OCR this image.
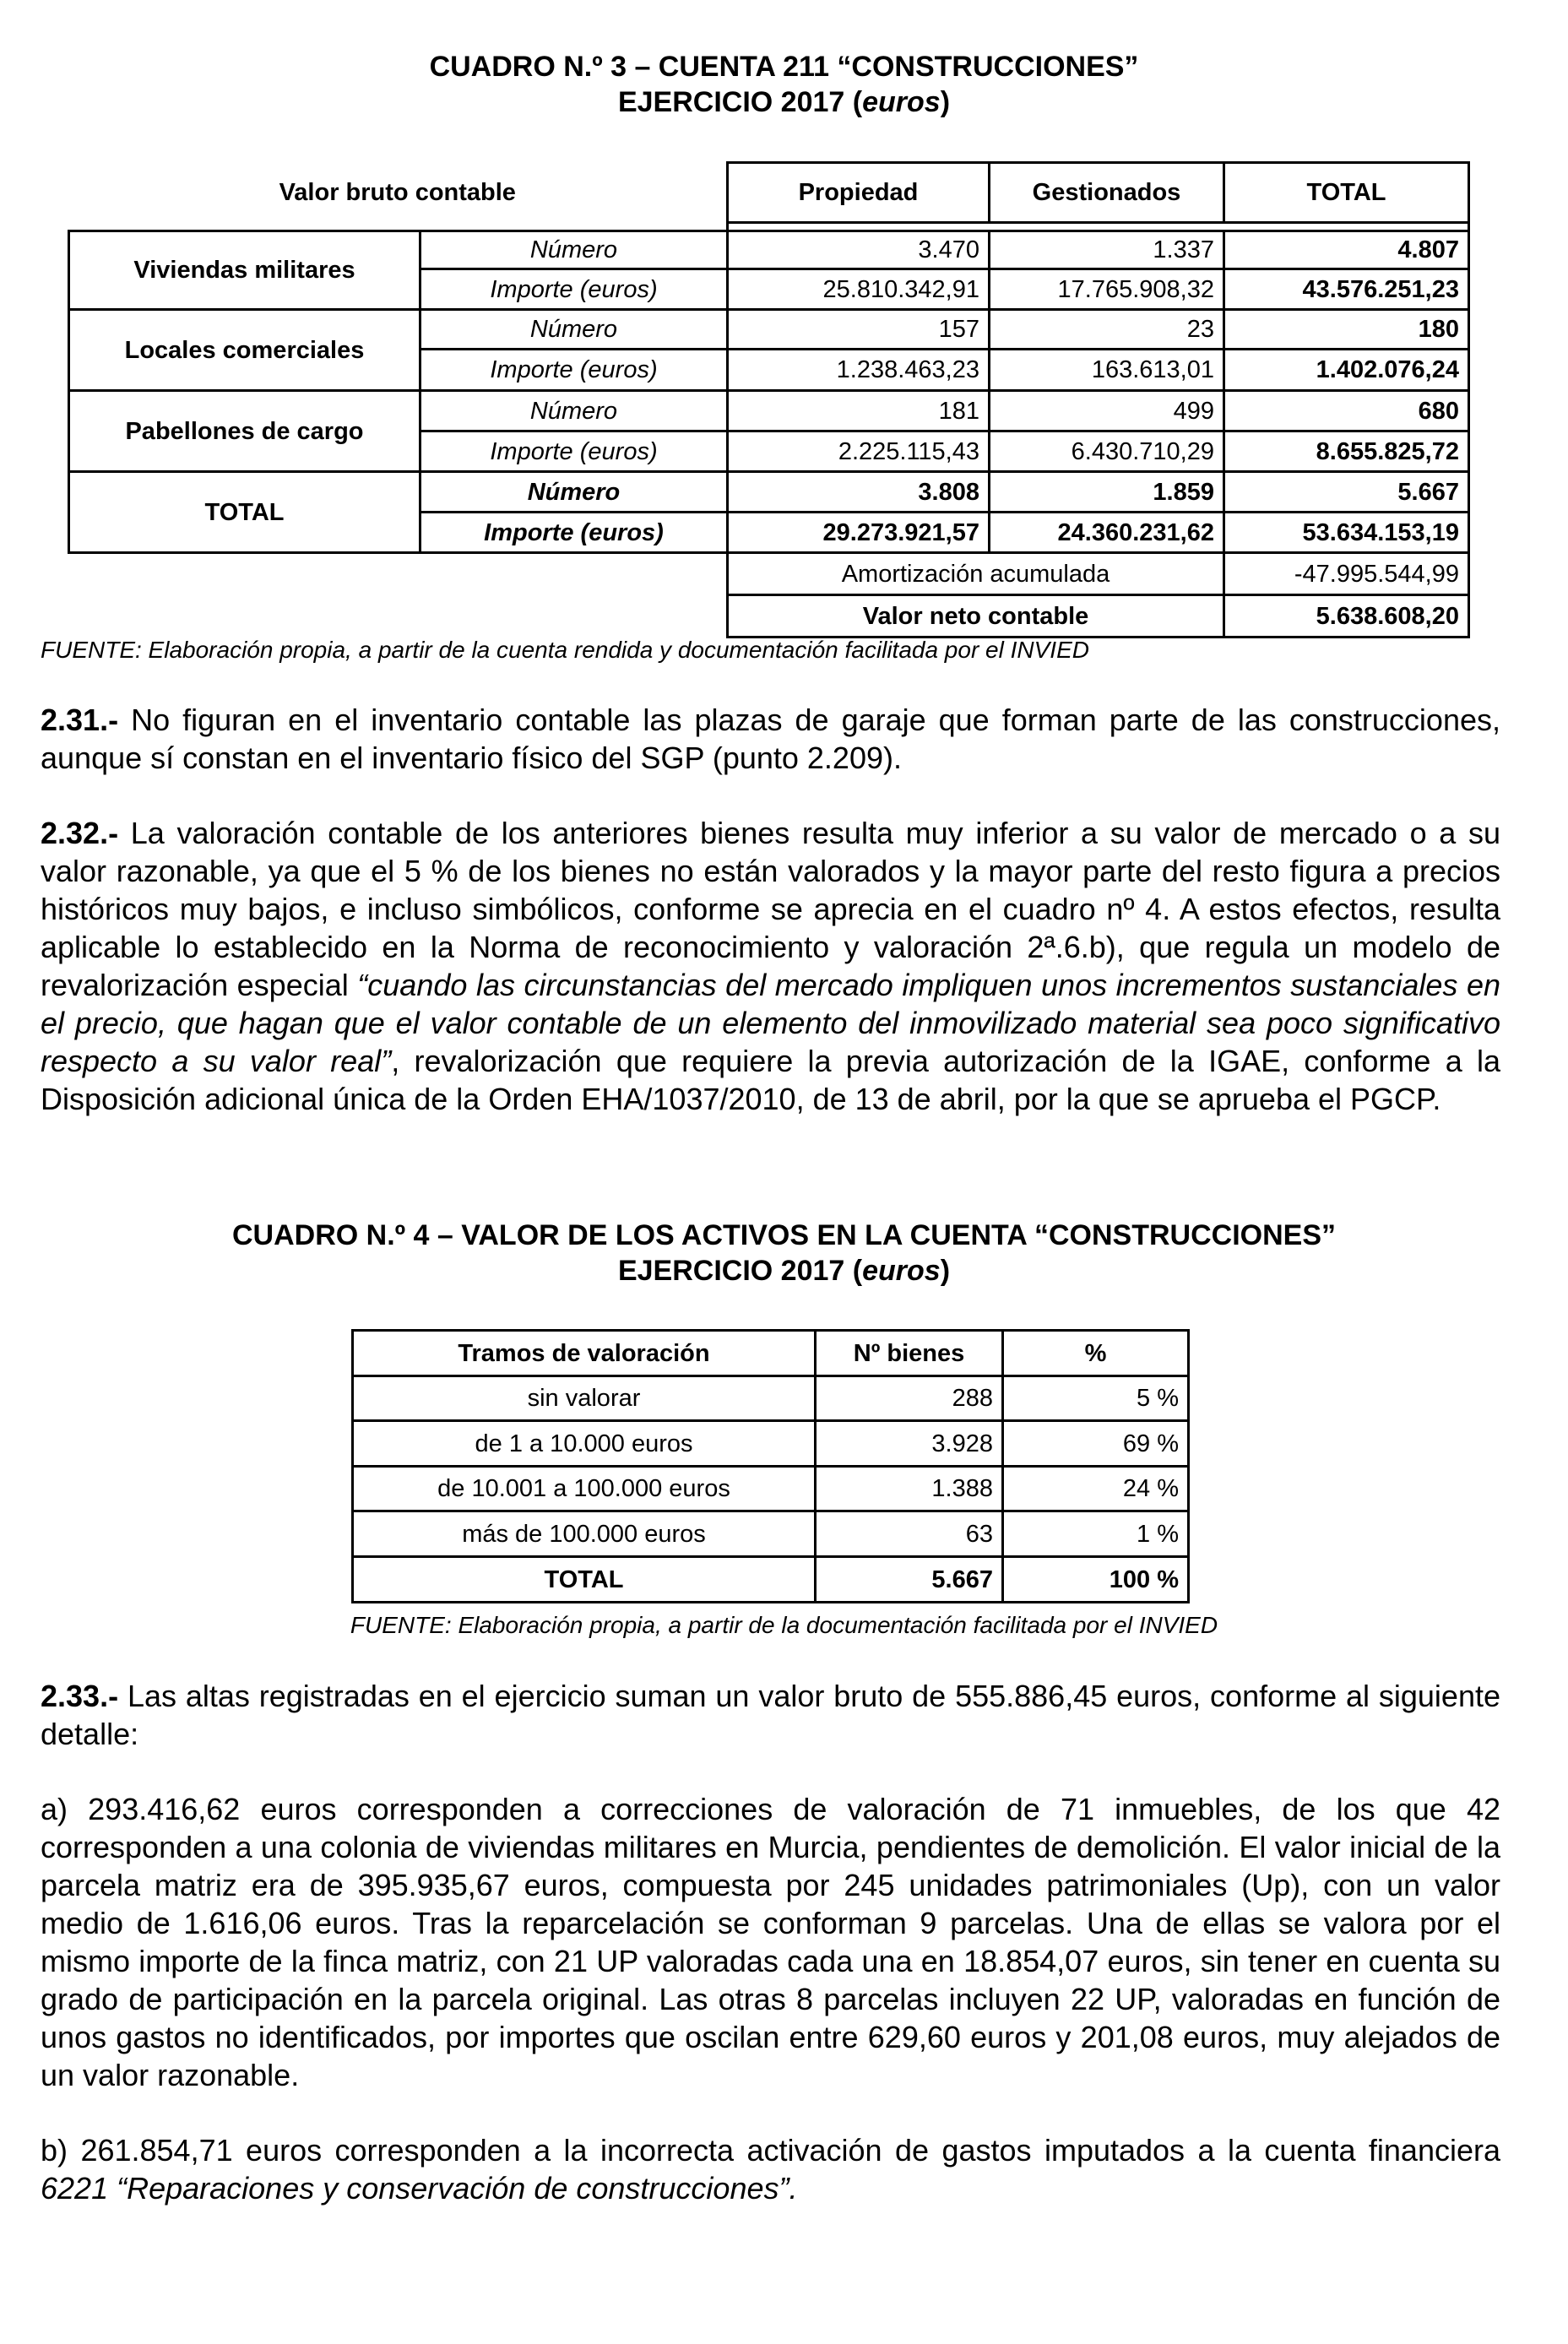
CUADRO N.º 3 – CUENTA 211 “CONSTRUCCIONES”

EJERCICIO 2017 (euros)

Valor bruto contable		Propiedad	Gestionados	TOTAL

Viviendas militares	Número	3.470	1.337	4.807
	Importe (euros)	25.810.342,91	17.765.908,32	43.576.251,23
Locales comerciales	Número	157	23	180
	Importe (euros)	1.238.463,23	163.613,01	1.402.076,24
Pabellones de cargo	Número	181	499	680
	Importe (euros)	2.225.115,43	6.430.710,29	8.655.825,72
TOTAL	Número	3.808	1.859	5.667
	Importe (euros)	29.273.921,57	24.360.231,62	53.634.153,19
		Amortización acumulada		-47.995.544,99
		Valor neto contable		5.638.608,20

FUENTE: Elaboración propia, a partir de la cuenta rendida y documentación facilitada por el INVIED

2.31.- No figuran en el inventario contable las plazas de garaje que forman parte de las construcciones, aunque sí constan en el inventario físico del SGP (punto 2.209).

2.32.- La valoración contable de los anteriores bienes resulta muy inferior a su valor de mercado o a su valor razonable, ya que el 5 % de los bienes no están valorados y la mayor parte del resto figura a precios históricos muy bajos, e incluso simbólicos, conforme se aprecia en el cuadro nº 4. A estos efectos, resulta aplicable lo establecido en la Norma de reconocimiento y valoración 2ª.6.b), que regula un modelo de revalorización especial “cuando las circunstancias del mercado impliquen unos incrementos sustanciales en el precio, que hagan que el valor contable de un elemento del inmovilizado material sea poco significativo respecto a su valor real”, revalorización que requiere la previa autorización de la IGAE, conforme a la Disposición adicional única de la Orden EHA/1037/2010, de 13 de abril, por la que se aprueba el PGCP.

CUADRO N.º 4 – VALOR DE LOS ACTIVOS EN LA CUENTA “CONSTRUCCIONES”

EJERCICIO 2017 (euros)

Tramos de valoración	Nº bienes	%
sin valorar	288	5 %
de 1 a 10.000 euros	3.928	69 %
de 10.001 a 100.000 euros	1.388	24 %
más de 100.000 euros	63	1 %
TOTAL	5.667	100 %

FUENTE: Elaboración propia, a partir de la documentación facilitada por el INVIED

2.33.- Las altas registradas en el ejercicio suman un valor bruto de 555.886,45 euros, conforme al siguiente detalle:

a) 293.416,62 euros corresponden a correcciones de valoración de 71 inmuebles, de los que 42 corresponden a una colonia de viviendas militares en Murcia, pendientes de demolición. El valor inicial de la parcela matriz era de 395.935,67 euros, compuesta por 245 unidades patrimoniales (Up), con un valor medio de 1.616,06 euros. Tras la reparcelación se conforman 9 parcelas. Una de ellas se valora por el mismo importe de la finca matriz, con 21 UP valoradas cada una en 18.854,07 euros, sin tener en cuenta su grado de participación en la parcela original. Las otras 8 parcelas incluyen 22 UP, valoradas en función de unos gastos no identificados, por importes que oscilan entre 629,60 euros y 201,08 euros, muy alejados de un valor razonable.

b) 261.854,71 euros corresponden a la incorrecta activación de gastos imputados a la cuenta financiera 6221 “Reparaciones y conservación de construcciones”.
